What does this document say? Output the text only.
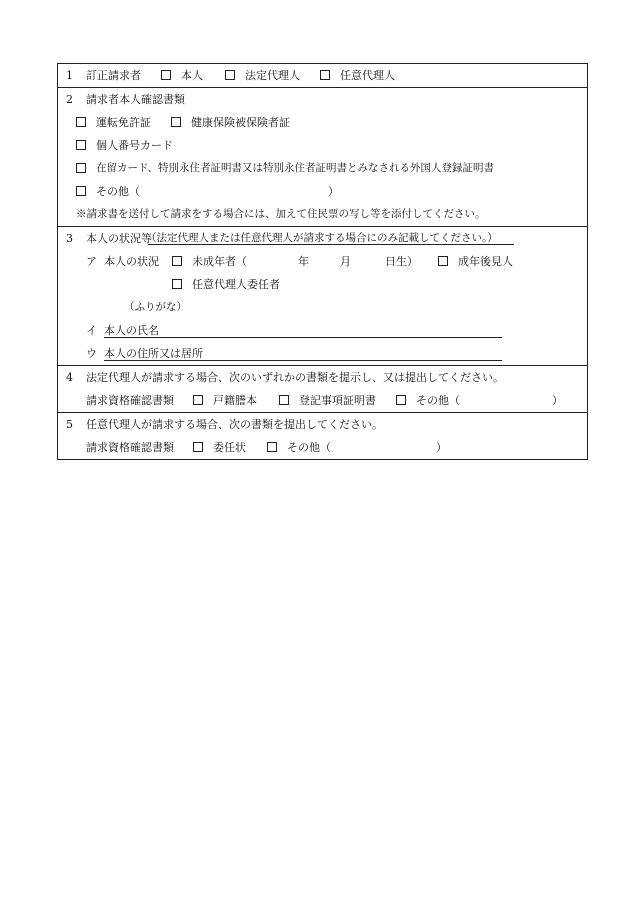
1 訂正請求者	本人	法定代理人	任意代理人
2 請求者本人確認書類
運転免許証	健康保険被保険者証
個人番号カード
在留カード、特別永住者証明書又は特別永住者証明書とみなされる外国人登録証明書
その他（	）
※請求書を送付して請求をする場合には、加えて住民票の写し等を添付してください。
3 本人の状況等
（法定代理人または任意代理人が請求する場合にのみ記載してください。）
ア 本人の状況	未成年者（	年	月	日生）	成年後見人
任意代理人委任者
（ふりがな）
イ 本人の氏名
ウ 本人の住所又は居所
4 法定代理人が請求する場合、次のいずれかの書類を提示し、又は提出してください。
請求資格確認書類	戸籍謄本	登記事項証明書	その他（	）
5 任意代理人が請求する場合、次の書類を提出してください。
請求資格確認書類	委任状	その他（	）
